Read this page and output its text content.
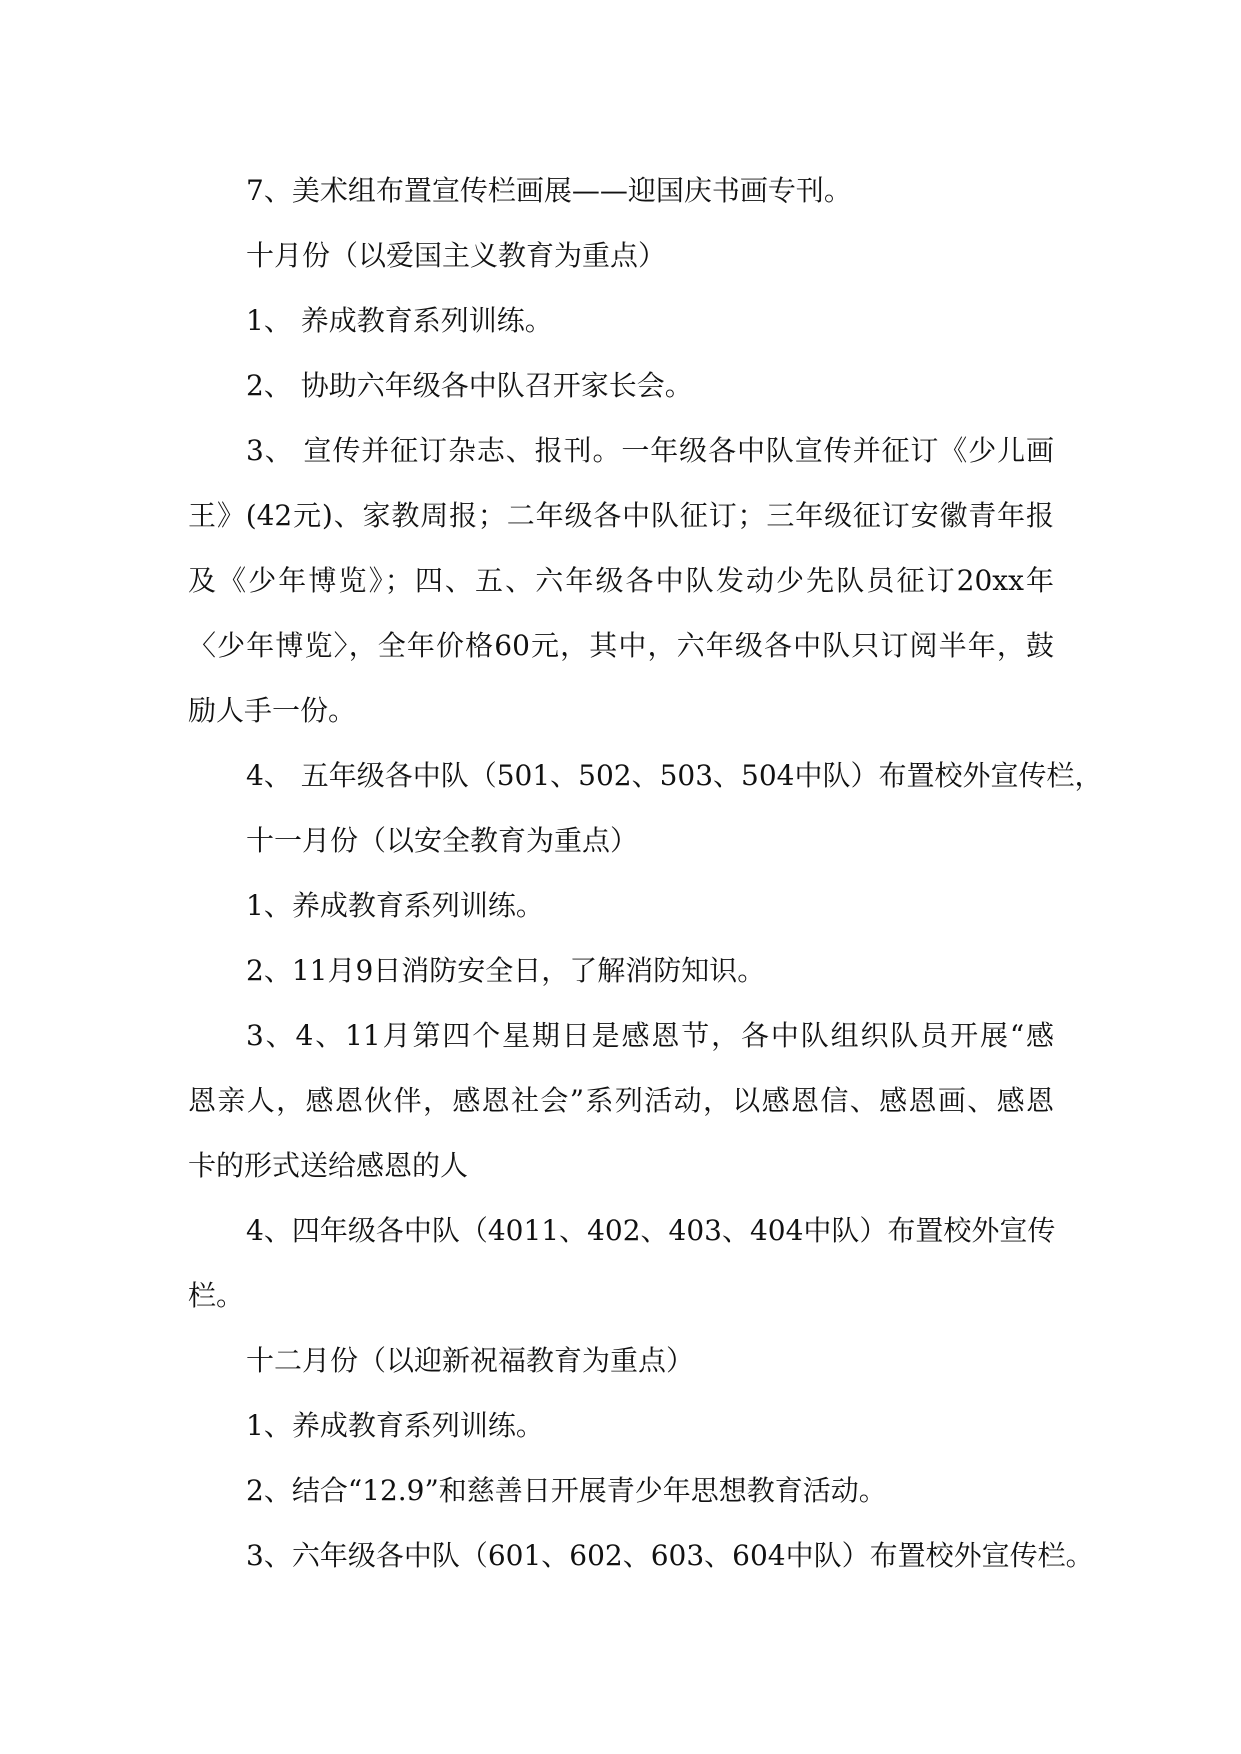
7、美术组布置宣传栏画展——迎国庆书画专刊。
十月份（以爱国主义教育为重点）
1、 养成教育系列训练。
2、 协助六年级各中队召开家长会。
3、 宣传并征订杂志、报刊。一年级各中队宣传并征订《少儿画
王》(42元)、家教周报；二年级各中队征订；三年级征订安徽青年报
及《少年博览》；四、五、六年级各中队发动少先队员征订20xx年
〈少年博览〉，全年价格60元，其中，六年级各中队只订阅半年，鼓
励人手一份。
4、 五年级各中队（501、502、503、504中队）布置校外宣传栏，
十一月份（以安全教育为重点）
1、养成教育系列训练。
2、11月9日消防安全日，了解消防知识。
3、4、11月第四个星期日是感恩节，各中队组织队员开展“感
恩亲人，感恩伙伴，感恩社会”系列活动，以感恩信、感恩画、感恩
卡的形式送给感恩的人
4、四年级各中队（4011、402、403、404中队）布置校外宣传
栏。
十二月份（以迎新祝福教育为重点）
1、养成教育系列训练。
2、结合“12.9”和慈善日开展青少年思想教育活动。
3、六年级各中队（601、602、603、604中队）布置校外宣传栏。
